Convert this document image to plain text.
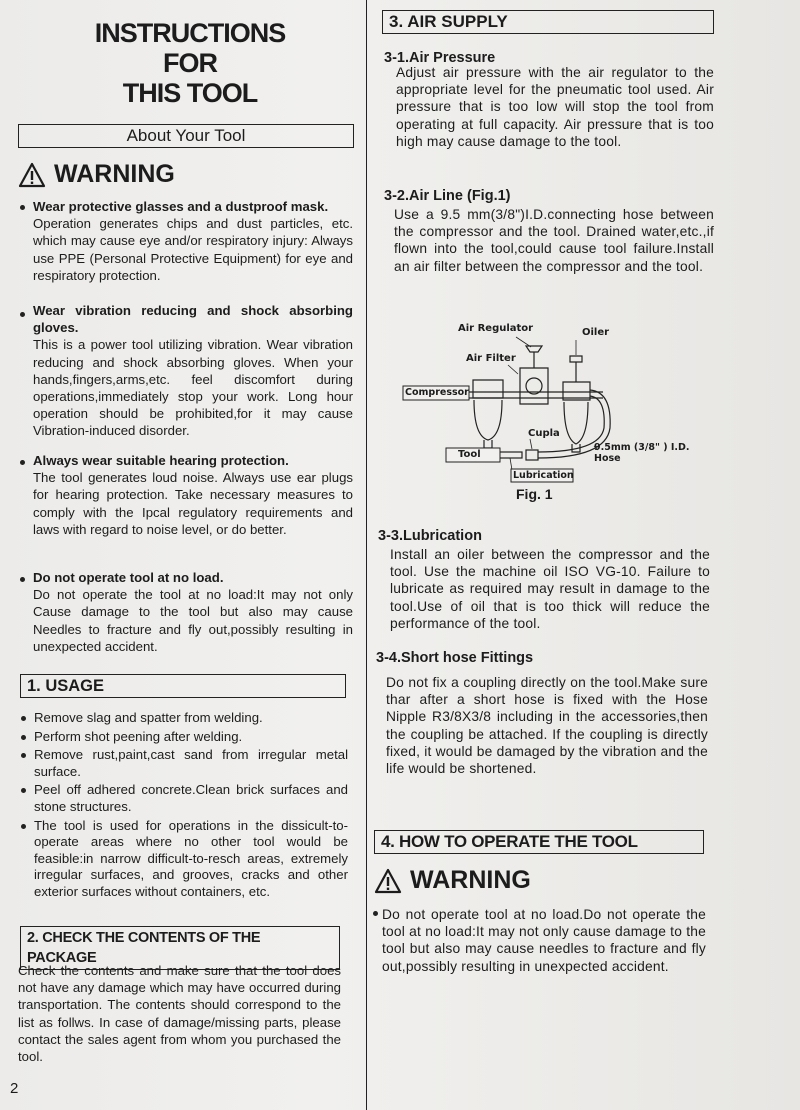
INSTRUCTIONS
FOR
THIS TOOL
About Your Tool
WARNING
Wear protective glasses and a dustproof mask.
Operation generates chips and dust particles, etc. which may cause eye and/or respiratory injury: Always use PPE (Personal Protective Equipment) for eye and respiratory protection.
Wear vibration reducing and shock absorbing gloves.
This is a power tool utilizing vibration. Wear vibration reducing and shock absorbing gloves. When your hands,fingers,arms,etc. feel discomfort during operations,immediately stop your work. Long hour operation should be prohibited,for it may cause Vibration-induced disorder.
Always wear suitable hearing protection.
The tool generates loud noise. Always use ear plugs for hearing protection. Take necessary measures to comply with the Ipcal regulatory requirements and laws with regard to noise level, or do better.
Do not operate tool at no load.
Do not operate the tool at no load:It may not only Cause damage to the tool but also may cause Needles to fracture and fly out,possibly resulting in unexpected accident.
1. USAGE
Remove slag and spatter from welding.
Perform shot peening after welding.
Remove rust,paint,cast sand from irregular metal surface.
Peel off adhered concrete.Clean brick surfaces and stone structures.
The tool is used for operations in the dissicult-to-operate areas where no other tool would be feasible:in narrow difficult-to-resch areas, extremely irregular surfaces, and grooves, cracks and other exterior surfaces without containers, etc.
2. CHECK THE CONTENTS OF THE PACKAGE
Check the contents and make sure that the tool does not have any damage which may have occurred during transportation. The contents should correspond to the list as follws. In case of damage/missing parts, please contact the sales agent from whom you purchased the tool.
2
3. AIR SUPPLY
3-1.Air Pressure
Adjust air pressure with the air regulator to the appropriate level for the pneumatic tool used. Air pressure that is too low will stop the tool from operating at full capacity. Air pressure that is too high may cause damage to the tool.
3-2.Air Line (Fig.1)
Use a 9.5 mm(3/8")I.D.connecting hose between the compressor and the tool. Drained water,etc.,if flown into the tool,could cause tool failure.Install an air filter between the compressor and the tool.
Air Regulator	Oiler
Air Filter
Compressor
Cupla
Tool
9.5mm (3/8" ) I.D. Hose
Lubrication
Fig. 1
3-3.Lubrication
Install an oiler between the compressor and the tool. Use the machine oil ISO VG-10. Failure to lubricate as required may result in damage to the tool.Use of oil that is too thick will reduce the performance of the tool.
3-4.Short hose Fittings
Do not fix a coupling directly on the tool.Make sure thar after a short hose is fixed with the Hose Nipple R3/8X3/8 including in the accessories,then the coupling be attached. If the coupling is directly fixed, it would be damaged by the vibration and the life would be shortened.
4. HOW TO OPERATE THE TOOL
WARNING
Do not operate tool at no load.Do not operate the tool at no load:It may not only cause damage to the tool but also may cause needles to fracture and fly out,possibly resulting in unexpected accident.
